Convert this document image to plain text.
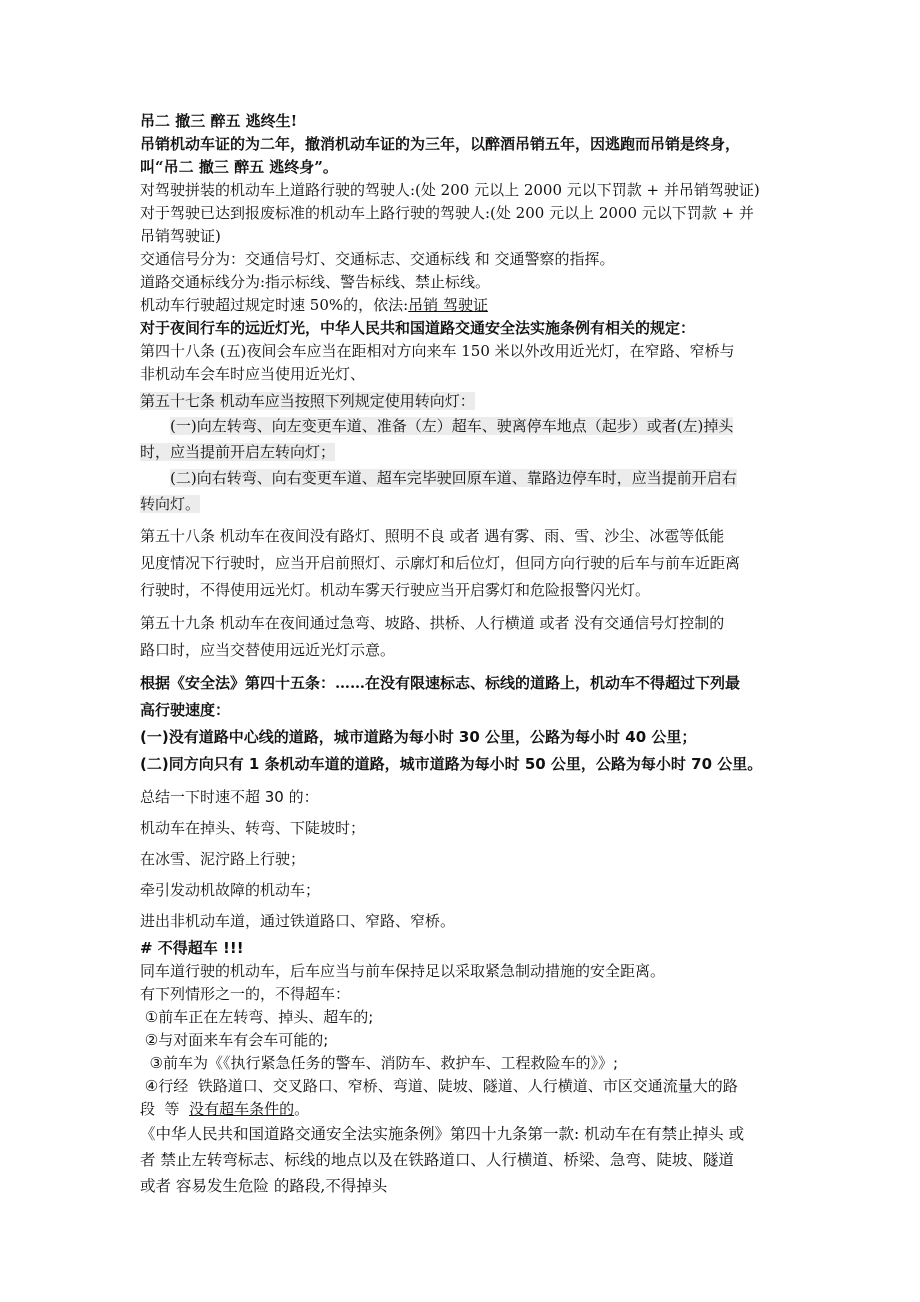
吊二 撤三 醉五 逃终生!

吊销机动车证的为二年，撤消机动车证的为三年，以醉酒吊销五年，因逃跑而吊销是终身，

叫“吊二 撤三 醉五 逃终身”。

对驾驶拼装的机动车上道路行驶的驾驶人:(处 200 元以上 2000 元以下罚款 + 并吊销驾驶证)

对于驾驶已达到报废标准的机动车上路行驶的驾驶人:(处 200 元以上 2000 元以下罚款 + 并

吊销驾驶证)

交通信号分为：交通信号灯、交通标志、交通标线 和 交通警察的指挥。

道路交通标线分为:指示标线、警告标线、禁止标线。

机动车行驶超过规定时速 50%的，依法:吊销 驾驶证

对于夜间行车的远近灯光，中华人民共和国道路交通安全法实施条例有相关的规定：

第四十八条 (五)夜间会车应当在距相对方向来车 150 米以外改用近光灯，在窄路、窄桥与

非机动车会车时应当使用近光灯、

第五十七条 机动车应当按照下列规定使用转向灯：

(一)向左转弯、向左变更车道、准备（左）超车、驶离停车地点（起步）或者(左)掉头

时，应当提前开启左转向灯；

(二)向右转弯、向右变更车道、超车完毕驶回原车道、靠路边停车时，应当提前开启右

转向灯。

第五十八条 机动车在夜间没有路灯、照明不良 或者 遇有雾、雨、雪、沙尘、冰雹等低能

见度情况下行驶时，应当开启前照灯、示廓灯和后位灯，但同方向行驶的后车与前车近距离

行驶时，不得使用远光灯。机动车雾天行驶应当开启雾灯和危险报警闪光灯。

第五十九条 机动车在夜间通过急弯、坡路、拱桥、人行横道 或者 没有交通信号灯控制的

路口时，应当交替使用远近光灯示意。

根据《安全法》第四十五条：……在没有限速标志、标线的道路上，机动车不得超过下列最

高行驶速度：

(一)没有道路中心线的道路，城市道路为每小时 30 公里，公路为每小时 40 公里；

(二)同方向只有 1 条机动车道的道路，城市道路为每小时 50 公里，公路为每小时 70 公里。

总结一下时速不超 30 的：

机动车在掉头、转弯、下陡坡时；

在冰雪、泥泞路上行驶；

牵引发动机故障的机动车；

进出非机动车道，通过铁道路口、窄路、窄桥。

# 不得超车 !!!

同车道行驶的机动车，后车应当与前车保持足以采取紧急制动措施的安全距离。

有下列情形之一的，不得超车：

①前车正在左转弯、掉头、超车的;

②与对面来车有会车可能的;

③前车为《《执行紧急任务的警车、消防车、救护车、工程救险车的》》;

④行经  铁路道口、交叉路口、窄桥、弯道、陡坡、隧道、人行横道、市区交通流量大的路

段  等  没有超车条件的。

《中华人民共和国道路交通安全法实施条例》第四十九条第一款: 机动车在有禁止掉头 或

者 禁止左转弯标志、标线的地点以及在铁路道口、人行横道、桥梁、急弯、陡坡、隧道

或者 容易发生危险 的路段,不得掉头
